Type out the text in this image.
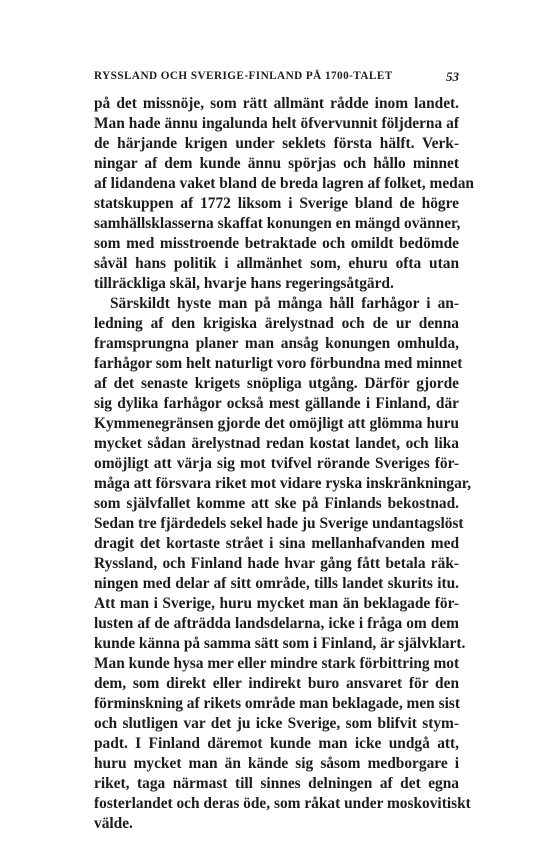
RYSSLAND OCH SVERIGE-FINLAND PÅ 1700-TALET	53
på det missnöje, som rätt allmänt rådde inom landet.
Man hade ännu ingalunda helt öfvervunnit följderna af
de härjande krigen under seklets första hälft. Verk-
ningar af dem kunde ännu spörjas och hållo minnet
af lidandena vaket bland de breda lagren af folket, medan
statskuppen af 1772 liksom i Sverige bland de högre
samhällsklasserna skaffat konungen en mängd ovänner,
som med misstroende betraktade och omildt bedömde
såväl hans politik i allmänhet som, ehuru ofta utan
tillräckliga skäl, hvarje hans regeringsåtgärd.
Särskildt hyste man på många håll farhågor i an-
ledning af den krigiska ärelystnad och de ur denna
framsprungna planer man ansåg konungen omhulda,
farhågor som helt naturligt voro förbundna med minnet
af det senaste krigets snöpliga utgång. Därför gjorde
sig dylika farhågor också mest gällande i Finland, där
Kymmenegränsen gjorde det omöjligt att glömma huru
mycket sådan ärelystnad redan kostat landet, och lika
omöjligt att värja sig mot tvifvel rörande Sveriges för-
måga att försvara riket mot vidare ryska inskränkningar,
som självfallet komme att ske på Finlands bekostnad.
Sedan tre fjärdedels sekel hade ju Sverige undantagslöst
dragit det kortaste strået i sina mellanhafvanden med
Ryssland, och Finland hade hvar gång fått betala räk-
ningen med delar af sitt område, tills landet skurits itu.
Att man i Sverige, huru mycket man än beklagade för-
lusten af de afträdda landsdelarna, icke i fråga om dem
kunde känna på samma sätt som i Finland, är självklart.
Man kunde hysa mer eller mindre stark förbittring mot
dem, som direkt eller indirekt buro ansvaret för den
förminskning af rikets område man beklagade, men sist
och slutligen var det ju icke Sverige, som blifvit stym-
padt. I Finland däremot kunde man icke undgå att,
huru mycket man än kände sig såsom medborgare i
riket, taga närmast till sinnes delningen af det egna
fosterlandet och deras öde, som råkat under moskovitiskt
välde.
